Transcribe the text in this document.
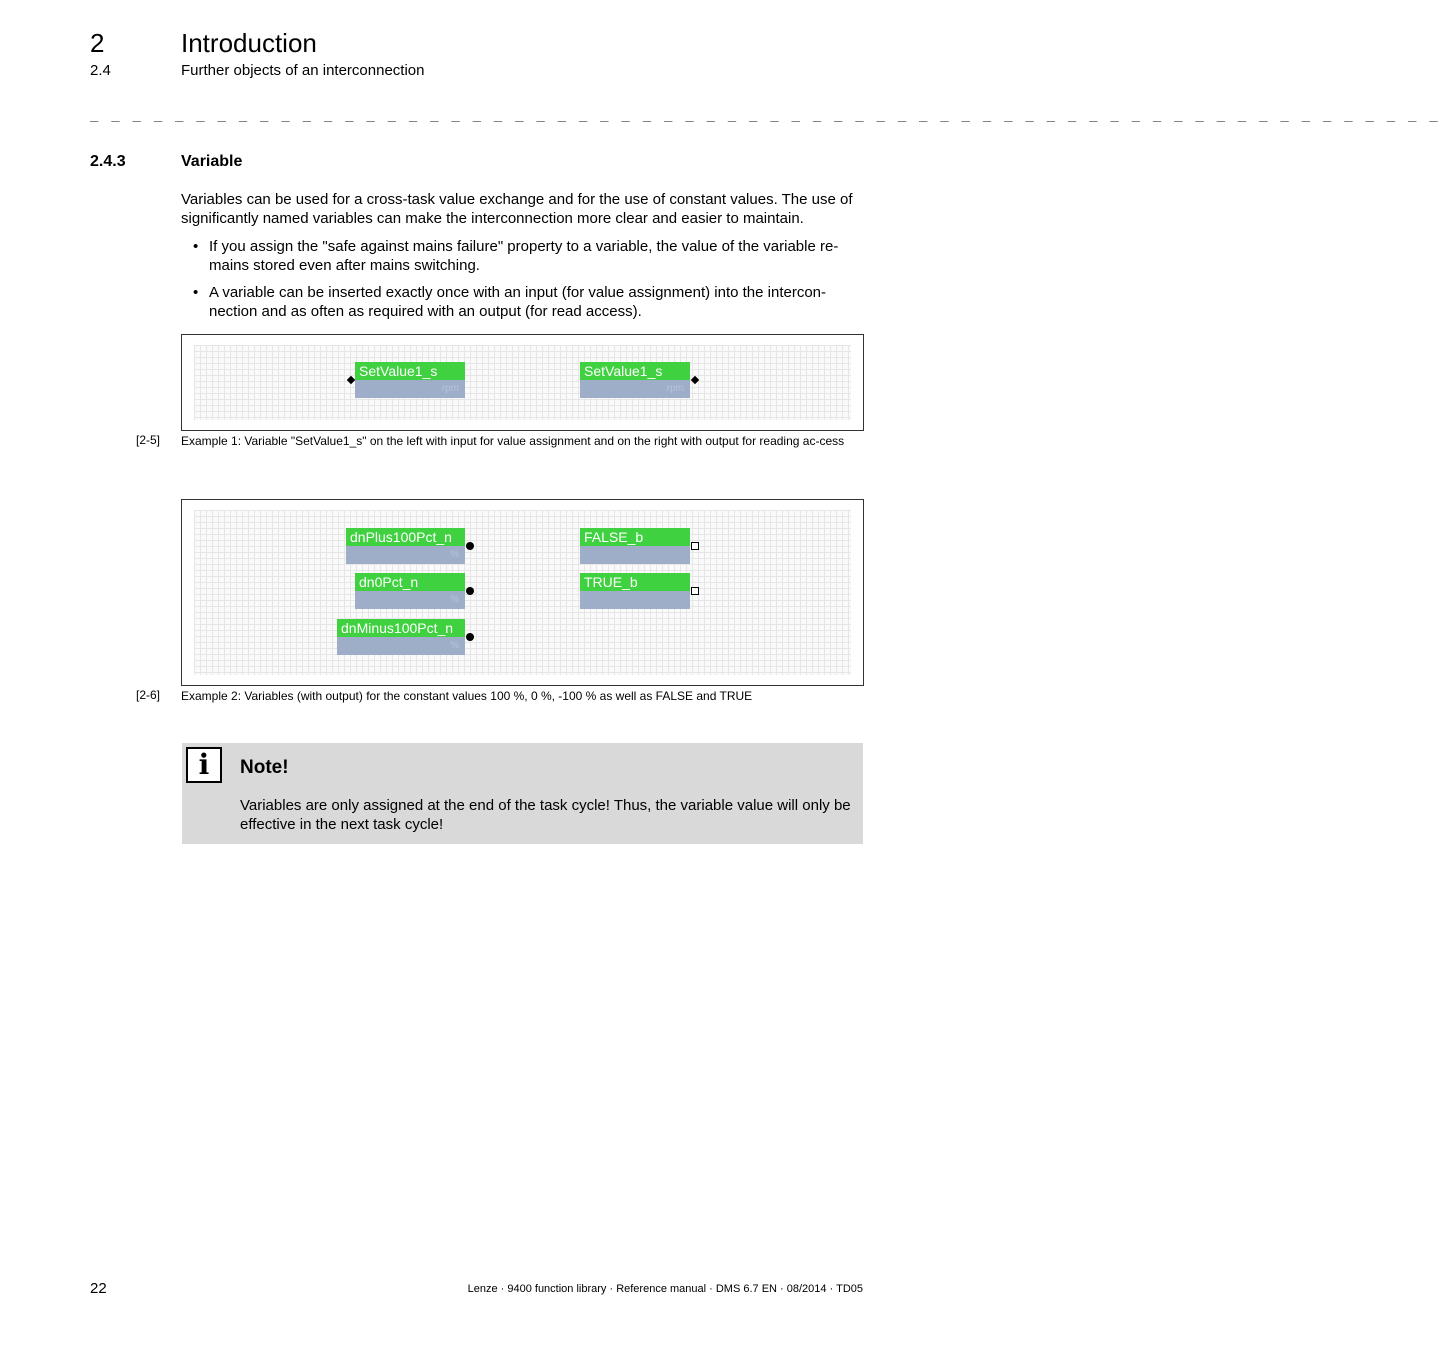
2	Introduction
2.4	Further objects of an interconnection
_ _ _ _ _ _ _ _ _ _ _ _ _ _ _ _ _ _ _ _ _ _ _ _ _ _ _ _ _ _ _ _ _ _ _ _ _ _ _ _ _ _ _ _ _ _ _ _ _ _ _ _ _ _ _ _ _ _ _ _ _ _ _ _
2.4.3	Variable
Variables can be used for a cross-task value exchange and for the use of constant values. The use of significantly named variables can make the interconnection more clear and easier to maintain.
• If you assign the "safe against mains failure" property to a variable, the value of the variable re-mains stored even after mains switching.
• A variable can be inserted exactly once with an input (for value assignment) into the intercon-nection and as often as required with an output (for read access).
SetValue1_s
rpm
SetValue1_s
rpm
[2-5] Example 1: Variable "SetValue1_s" on the left with input for value assignment and on the right with output for reading ac-cess
dnPlus100Pct_n
%
dn0Pct_n
%
dnMinus100Pct_n
%
FALSE_b
TRUE_b
[2-6] Example 2: Variables (with output) for the constant values 100 %, 0 %, -100 % as well as FALSE and TRUE
i	Note!
Variables are only assigned at the end of the task cycle! Thus, the variable value will only be effective in the next task cycle!
22	Lenze · 9400 function library · Reference manual · DMS 6.7 EN · 08/2014 · TD05
